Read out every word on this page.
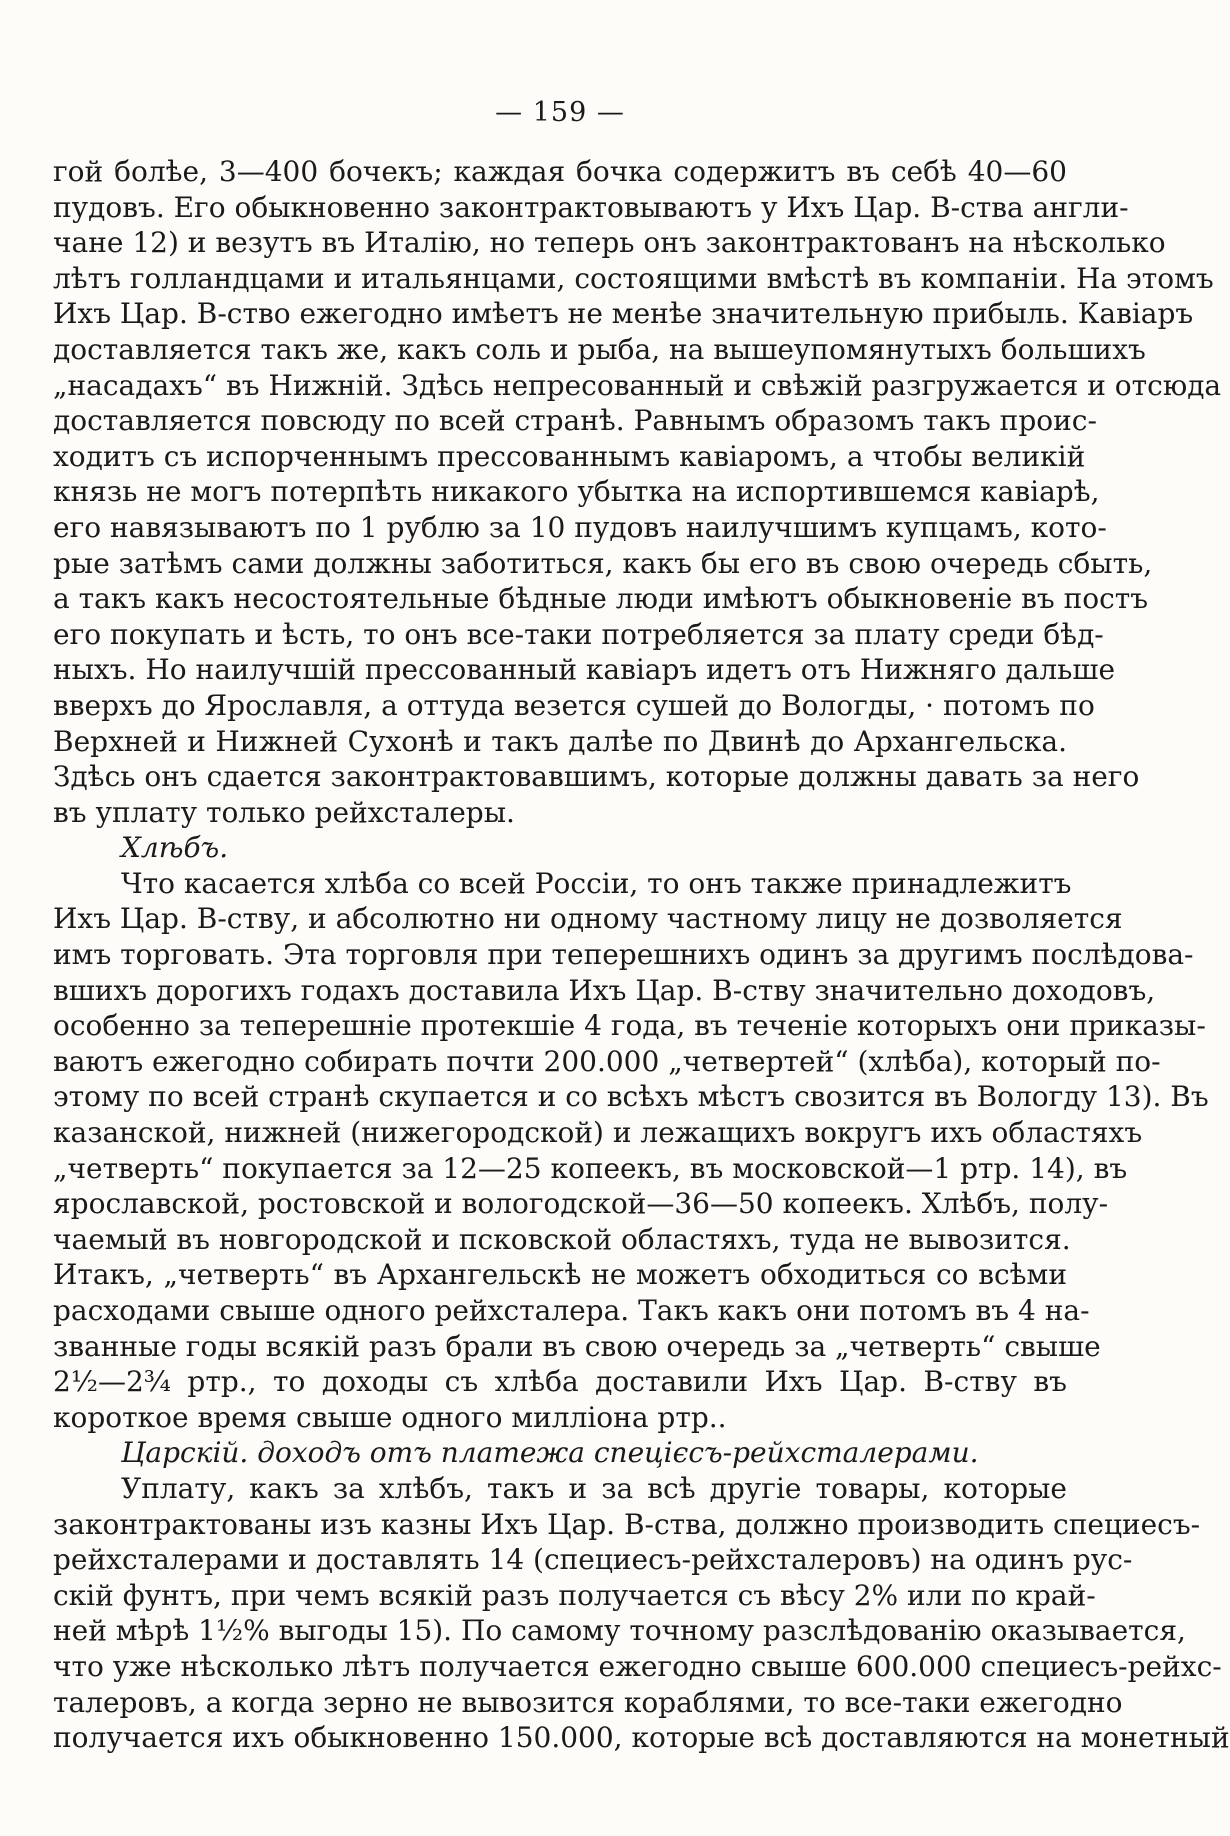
— 159 —
гой болѣе, 3—400 бочекъ; каждая бочка содержитъ въ себѣ 40—60
пудовъ. Его обыкновенно законтрактовываютъ у Ихъ Цар. В-ства англи-
чане 12) и везутъ въ Италію, но теперь онъ законтрактованъ на нѣсколько
лѣтъ голландцами и итальянцами, состоящими вмѣстѣ въ компаніи. На этомъ
Ихъ Цар. В-ство ежегодно имѣетъ не менѣе значительную прибыль. Кавіаръ
доставляется такъ же, какъ соль и рыба, на вышеупомянутыхъ большихъ
„насадахъ“ въ Нижній. Здѣсь непресованный и свѣжій разгружается и отсюда
доставляется повсюду по всей странѣ. Равнымъ образомъ такъ проис-
ходитъ съ испорченнымъ прессованнымъ кавіаромъ, а чтобы великій
князь не могъ потерпѣть никакого убытка на испортившемся кавіарѣ,
его навязываютъ по 1 рублю за 10 пудовъ наилучшимъ купцамъ, кото-
рые затѣмъ сами должны заботиться, какъ бы его въ свою очередь сбыть,
а такъ какъ несостоятельные бѣдные люди имѣютъ обыкновеніе въ постъ
его покупать и ѣсть, то онъ все-таки потребляется за плату среди бѣд-
ныхъ. Но наилучшій прессованный кавіаръ идетъ отъ Нижняго дальше
вверхъ до Ярославля, а оттуда везется сушей до Вологды, · потомъ по
Верхней и Нижней Сухонѣ и такъ далѣе по Двинѣ до Архангельска.
Здѣсь онъ сдается законтрактовавшимъ, которые должны давать за него
въ уплату только рейхсталеры.
Хлѣбъ.
Что касается хлѣба со всей Россіи, то онъ также принадлежитъ
Ихъ Цар. В-ству, и абсолютно ни одному частному лицу не дозволяется
имъ торговать. Эта торговля при теперешнихъ одинъ за другимъ послѣдова-
вшихъ дорогихъ годахъ доставила Ихъ Цар. В-ству значительно доходовъ,
особенно за теперешніе протекшіе 4 года, въ теченіе которыхъ они приказы-
ваютъ ежегодно собирать почти 200.000 „четвертей“ (хлѣба), который по-
этому по всей странѣ скупается и со всѣхъ мѣстъ свозится въ Вологду 13). Въ
казанской, нижней (нижегородской) и лежащихъ вокругъ ихъ областяхъ
„четверть“ покупается за 12—25 копеекъ, въ московской—1 ртр. 14), въ
ярославской, ростовской и вологодской—36—50 копеекъ. Хлѣбъ, полу-
чаемый въ новгородской и псковской областяхъ, туда не вывозится.
Итакъ, „четверть“ въ Архангельскѣ не можетъ обходиться со всѣми
расходами свыше одного рейхсталера. Такъ какъ они потомъ въ 4 на-
званные годы всякій разъ брали въ свою очередь за „четверть“ свыше
2½—2¾ ртр., то доходы съ хлѣба доставили Ихъ Цар. В-ству въ
короткое время свыше одного милліона ртр..
Царскій. доходъ отъ платежа спецієсъ-рейхсталерами.
Уплату, какъ за хлѣбъ, такъ и за всѣ другіе товары, которые
законтрактованы изъ казны Ихъ Цар. В-ства, должно производить специесъ-
рейхсталерами и доставлять 14 (специесъ-рейхсталеровъ) на одинъ рус-
скій фунтъ, при чемъ всякій разъ получается съ вѣсу 2% или по край-
ней мѣрѣ 1½% выгоды 15). По самому точному разслѣдованію оказывается,
что уже нѣсколько лѣтъ получается ежегодно свыше 600.000 специесъ-рейхс-
талеровъ, а когда зерно не вывозится кораблями, то все-таки ежегодно
получается ихъ обыкновенно 150.000, которые всѣ доставляются на монетный
